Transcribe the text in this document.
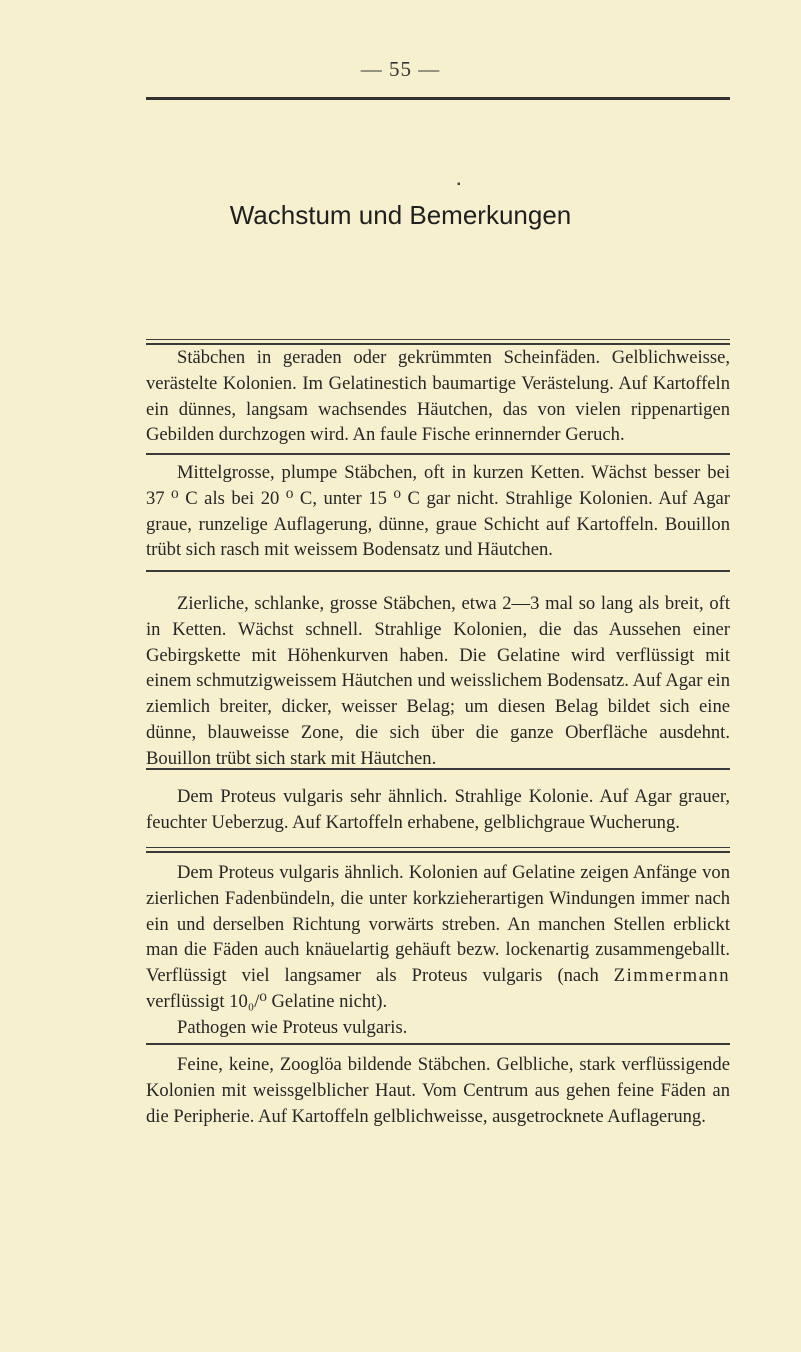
— 55 —
▪
Wachstum und Bemerkungen
Stäbchen in geraden oder gekrümmten Scheinfäden. Gelblichweisse, verästelte Kolonien. Im Gelatinestich baumartige Verästelung. Auf Kartoffeln ein dünnes, langsam wachsendes Häutchen, das von vielen rippenartigen Gebilden durchzogen wird. An faule Fische erinnernder Geruch.
Mittelgrosse, plumpe Stäbchen, oft in kurzen Ketten. Wächst besser bei 37 ⁰ C als bei 20 ⁰ C, unter 15 ⁰ C gar nicht. Strahlige Kolonien. Auf Agar graue, runzelige Auflagerung, dünne, graue Schicht auf Kartoffeln. Bouillon trübt sich rasch mit weissem Bodensatz und Häutchen.
Zierliche, schlanke, grosse Stäbchen, etwa 2—3 mal so lang als breit, oft in Ketten. Wächst schnell. Strahlige Kolonien, die das Aussehen einer Gebirgskette mit Höhenkurven haben. Die Gelatine wird verflüssigt mit einem schmutzigweissem Häutchen und weisslichem Bodensatz. Auf Agar ein ziemlich breiter, dicker, weisser Belag; um diesen Belag bildet sich eine dünne, blauweisse Zone, die sich über die ganze Oberfläche ausdehnt. Bouillon trübt sich stark mit Häutchen.
Dem Proteus vulgaris sehr ähnlich. Strahlige Kolonie. Auf Agar grauer, feuchter Ueberzug. Auf Kartoffeln erhabene, gelblichgraue Wucherung.
Dem Proteus vulgaris ähnlich. Kolonien auf Gelatine zeigen Anfänge von zierlichen Fadenbündeln, die unter korkzieherartigen Windungen immer nach ein und derselben Richtung vorwärts streben. An manchen Stellen erblickt man die Fäden auch knäuelartig gehäuft bezw. lockenartig zusammengeballt. Verflüssigt viel langsamer als Proteus vulgaris (nach Zimmermann verflüssigt 10₀/⁰ Gelatine nicht).
Pathogen wie Proteus vulgaris.
Feine, keine, Zooglöa bildende Stäbchen. Gelbliche, stark verflüssigende Kolonien mit weissgelblicher Haut. Vom Centrum aus gehen feine Fäden an die Peripherie. Auf Kartoffeln gelblichweisse, ausgetrocknete Auflagerung.
